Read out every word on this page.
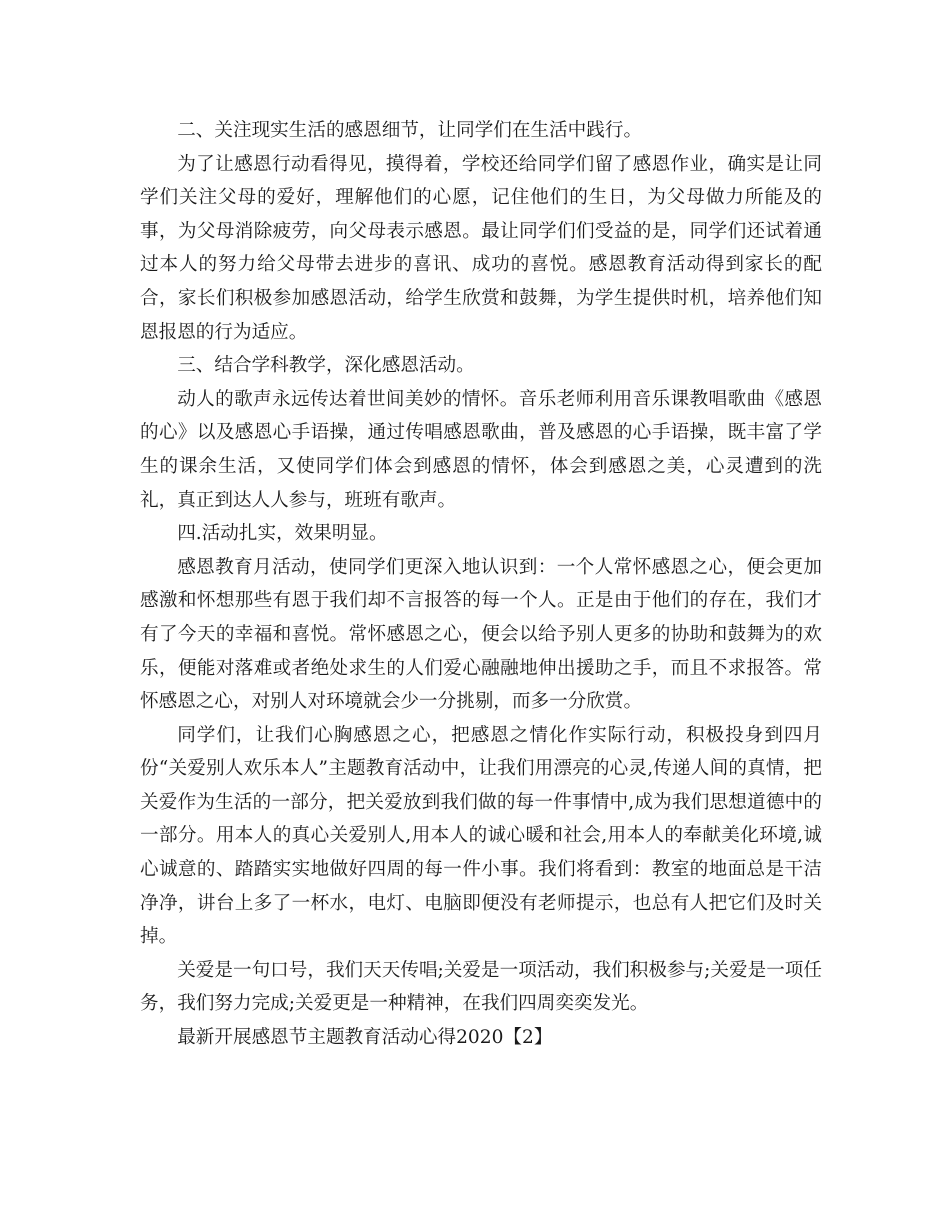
二、关注现实生活的感恩细节，让同学们在生活中践行。

为了让感恩行动看得见，摸得着，学校还给同学们留了感恩作业，确实是让同学们关注父母的爱好，理解他们的心愿，记住他们的生日，为父母做力所能及的事，为父母消除疲劳，向父母表示感恩。最让同学们们受益的是，同学们还试着通过本人的努力给父母带去进步的喜讯、成功的喜悦。感恩教育活动得到家长的配合，家长们积极参加感恩活动，给学生欣赏和鼓舞，为学生提供时机，培养他们知恩报恩的行为适应。

三、结合学科教学，深化感恩活动。

动人的歌声永远传达着世间美妙的情怀。音乐老师利用音乐课教唱歌曲《感恩的心》以及感恩心手语操，通过传唱感恩歌曲，普及感恩的心手语操，既丰富了学生的课余生活，又使同学们体会到感恩的情怀，体会到感恩之美，心灵遭到的洗礼，真正到达人人参与，班班有歌声。

四.活动扎实，效果明显。

感恩教育月活动，使同学们更深入地认识到：一个人常怀感恩之心，便会更加感激和怀想那些有恩于我们却不言报答的每一个人。正是由于他们的存在，我们才有了今天的幸福和喜悦。常怀感恩之心，便会以给予别人更多的协助和鼓舞为的欢乐，便能对落难或者绝处求生的人们爱心融融地伸出援助之手，而且不求报答。常怀感恩之心，对别人对环境就会少一分挑剔，而多一分欣赏。

同学们，让我们心胸感恩之心，把感恩之情化作实际行动，积极投身到四月份“关爱别人欢乐本人”主题教育活动中，让我们用漂亮的心灵,传递人间的真情，把关爱作为生活的一部分，把关爱放到我们做的每一件事情中,成为我们思想道德中的一部分。用本人的真心关爱别人,用本人的诚心暖和社会,用本人的奉献美化环境,诚心诚意的、踏踏实实地做好四周的每一件小事。我们将看到：教室的地面总是干洁净净，讲台上多了一杯水，电灯、电脑即便没有老师提示，也总有人把它们及时关掉。

关爱是一句口号，我们天天传唱;关爱是一项活动，我们积极参与;关爱是一项任务，我们努力完成;关爱更是一种精神，在我们四周奕奕发光。

最新开展感恩节主题教育活动心得2020【2】
